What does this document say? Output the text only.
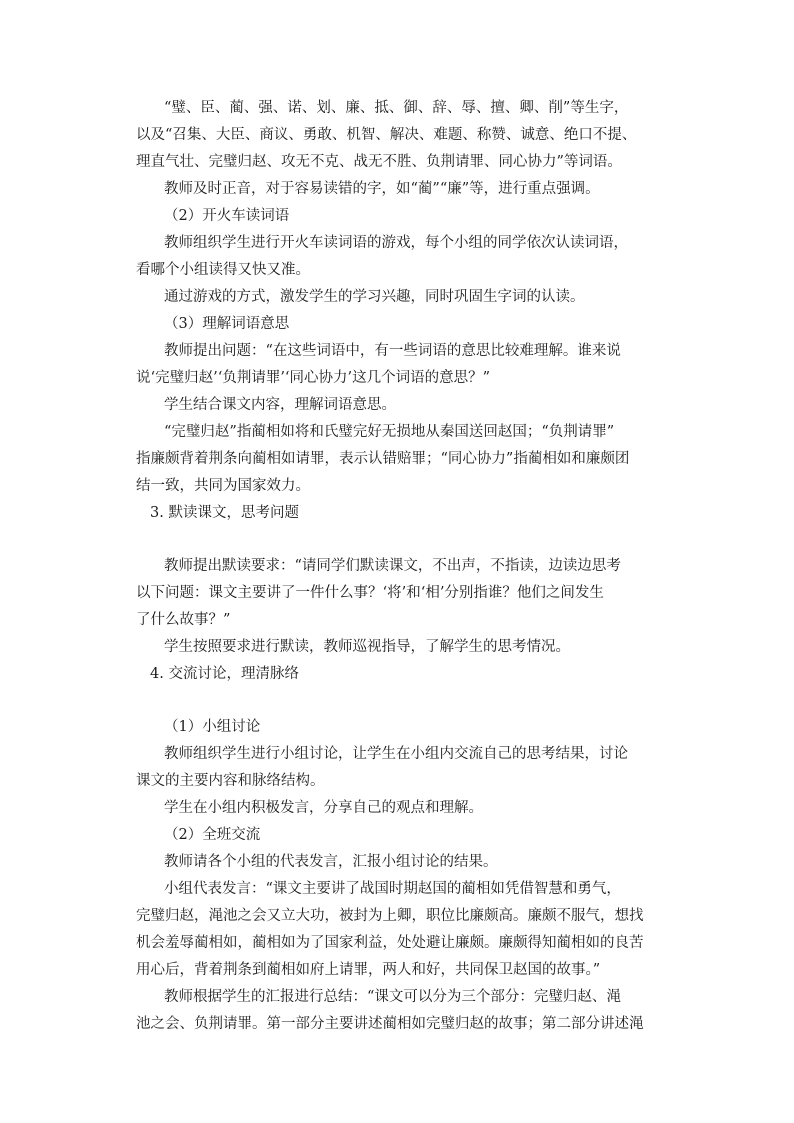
“璧、臣、蔺、强、诺、划、廉、抵、御、辞、辱、擅、卿、削”等生字，
以及“召集、大臣、商议、勇敢、机智、解决、难题、称赞、诚意、绝口不提、
理直气壮、完璧归赵、攻无不克、战无不胜、负荆请罪、同心协力”等词语。
教师及时正音，对于容易读错的字，如“蔺”“廉”等，进行重点强调。
（2）开火车读词语
教师组织学生进行开火车读词语的游戏，每个小组的同学依次认读词语，
看哪个小组读得又快又准。
通过游戏的方式，激发学生的学习兴趣，同时巩固生字词的认读。
（3）理解词语意思
教师提出问题：“在这些词语中，有一些词语的意思比较难理解。谁来说
说‘完璧归赵’‘负荆请罪’‘同心协力’这几个词语的意思？”
学生结合课文内容，理解词语意思。
“完璧归赵”指蔺相如将和氏璧完好无损地从秦国送回赵国；“负荆请罪”
指廉颇背着荆条向蔺相如请罪，表示认错赔罪；“同心协力”指蔺相如和廉颇团
结一致，共同为国家效力。
3. 默读课文，思考问题
教师提出默读要求：“请同学们默读课文，不出声，不指读，边读边思考
以下问题：课文主要讲了一件什么事？‘将’和‘相’分别指谁？他们之间发生
了什么故事？”
学生按照要求进行默读，教师巡视指导，了解学生的思考情况。
4. 交流讨论，理清脉络
（1）小组讨论
教师组织学生进行小组讨论，让学生在小组内交流自己的思考结果，讨论
课文的主要内容和脉络结构。
学生在小组内积极发言，分享自己的观点和理解。
（2）全班交流
教师请各个小组的代表发言，汇报小组讨论的结果。
小组代表发言：“课文主要讲了战国时期赵国的蔺相如凭借智慧和勇气，
完璧归赵，渑池之会又立大功，被封为上卿，职位比廉颇高。廉颇不服气，想找
机会羞辱蔺相如，蔺相如为了国家利益，处处避让廉颇。廉颇得知蔺相如的良苦
用心后，背着荆条到蔺相如府上请罪，两人和好，共同保卫赵国的故事。”
教师根据学生的汇报进行总结：“课文可以分为三个部分：完璧归赵、渑
池之会、负荆请罪。第一部分主要讲述蔺相如完璧归赵的故事；第二部分讲述渑
